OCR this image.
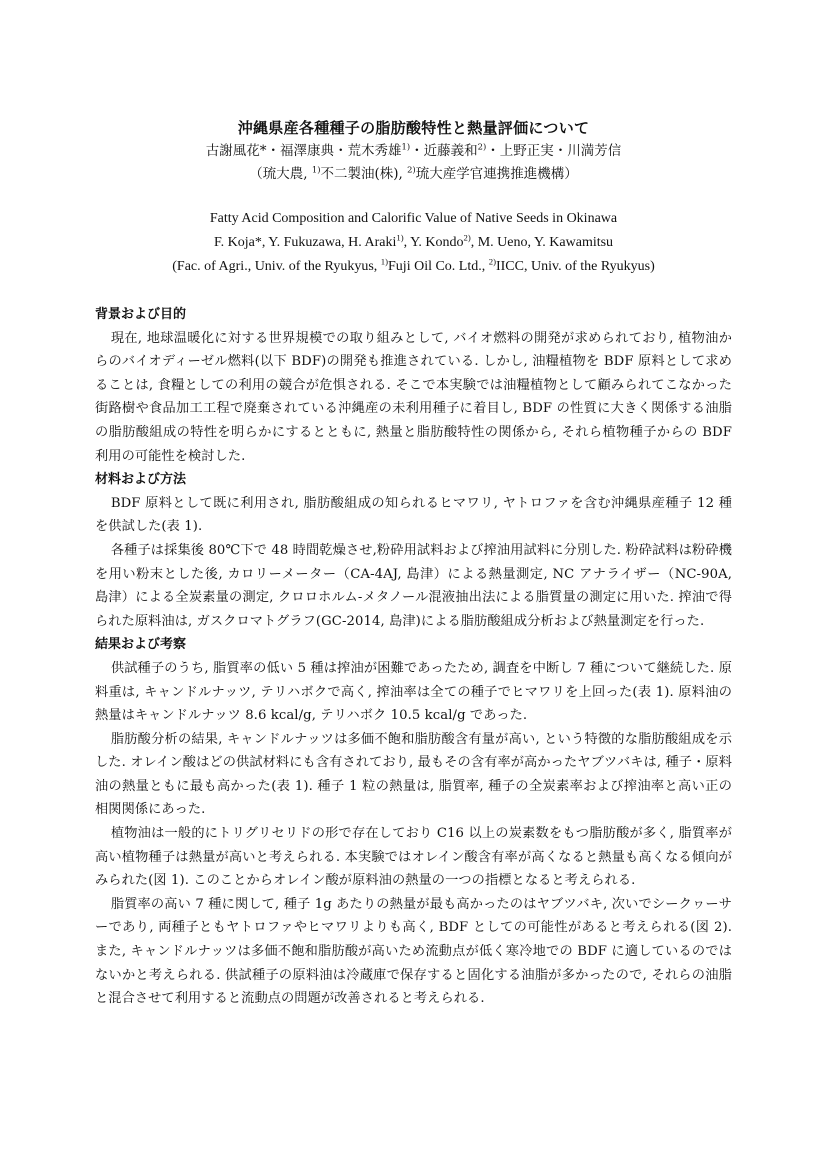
沖縄県産各種種子の脂肪酸特性と熱量評価について
古謝風花*・福澤康典・荒木秀雄$^{1)}$・近藤義和$^{2)}$・上野正実・川満芳信
（琉大農, $^{1)}$不二製油(株), $^{2)}$琉大産学官連携推進機構）
Fatty Acid Composition and Calorific Value of Native Seeds in Okinawa
F. Koja*, Y. Fukuzawa, H. Araki$^{1)}$, Y. Kondo$^{2)}$, M. Ueno, Y. Kawamitsu
(Fac. of Agri., Univ. of the Ryukyus, $^{1)}$Fuji Oil Co. Ltd., $^{2)}$IICC, Univ. of the Ryukyus)
背景および目的

現在, 地球温暖化に対する世界規模での取り組みとして, バイオ燃料の開発が求められており, 植物油からのバイオディーゼル燃料(以下 BDF)の開発も推進されている. しかし, 油糧植物を BDF 原料として求めることは, 食糧としての利用の競合が危惧される. そこで本実験では油糧植物として顧みられてこなかった街路樹や食品加工工程で廃棄されている沖縄産の未利用種子に着目し, BDF の性質に大きく関係する油脂の脂肪酸組成の特性を明らかにするとともに, 熱量と脂肪酸特性の関係から, それら植物種子からの BDF 利用の可能性を検討した.

材料および方法

BDF 原料として既に利用され, 脂肪酸組成の知られるヒマワリ, ヤトロファを含む沖縄県産種子 12 種を供試した(表 1).

各種子は採集後 80℃下で 48 時間乾燥させ,粉砕用試料および搾油用試料に分別した. 粉砕試料は粉砕機を用い粉末とした後, カロリーメーター（CA-4AJ, 島津）による熱量測定, NC アナライザー（NC-90A, 島津）による全炭素量の測定, クロロホルム-メタノール混液抽出法による脂質量の測定に用いた. 搾油で得られた原料油は, ガスクロマトグラフ(GC-2014, 島津)による脂肪酸組成分析および熱量測定を行った.

結果および考察

供試種子のうち, 脂質率の低い 5 種は搾油が困難であったため, 調査を中断し 7 種について継続した. 原料重は, キャンドルナッツ, テリハボクで高く, 搾油率は全ての種子でヒマワリを上回った(表 1). 原料油の熱量はキャンドルナッツ 8.6 kcal/g, テリハボク 10.5 kcal/g であった.

脂肪酸分析の結果, キャンドルナッツは多価不飽和脂肪酸含有量が高い, という特徴的な脂肪酸組成を示した. オレイン酸はどの供試材料にも含有されており, 最もその含有率が高かったヤブツバキは, 種子・原料油の熱量ともに最も高かった(表 1). 種子 1 粒の熱量は, 脂質率, 種子の全炭素率および搾油率と高い正の相関関係にあった.

植物油は一般的にトリグリセリドの形で存在しており C16 以上の炭素数をもつ脂肪酸が多く, 脂質率が高い植物種子は熱量が高いと考えられる. 本実験ではオレイン酸含有率が高くなると熱量も高くなる傾向がみられた(図 1). このことからオレイン酸が原料油の熱量の一つの指標となると考えられる.

脂質率の高い 7 種に関して, 種子 1g あたりの熱量が最も高かったのはヤブツバキ, 次いでシークヮーサーであり, 両種子ともヤトロファやヒマワリよりも高く, BDF としての可能性があると考えられる(図 2). また, キャンドルナッツは多価不飽和脂肪酸が高いため流動点が低く寒冷地での BDF に適しているのではないかと考えられる. 供試種子の原料油は冷蔵庫で保存すると固化する油脂が多かったので, それらの油脂と混合させて利用すると流動点の問題が改善されると考えられる.
